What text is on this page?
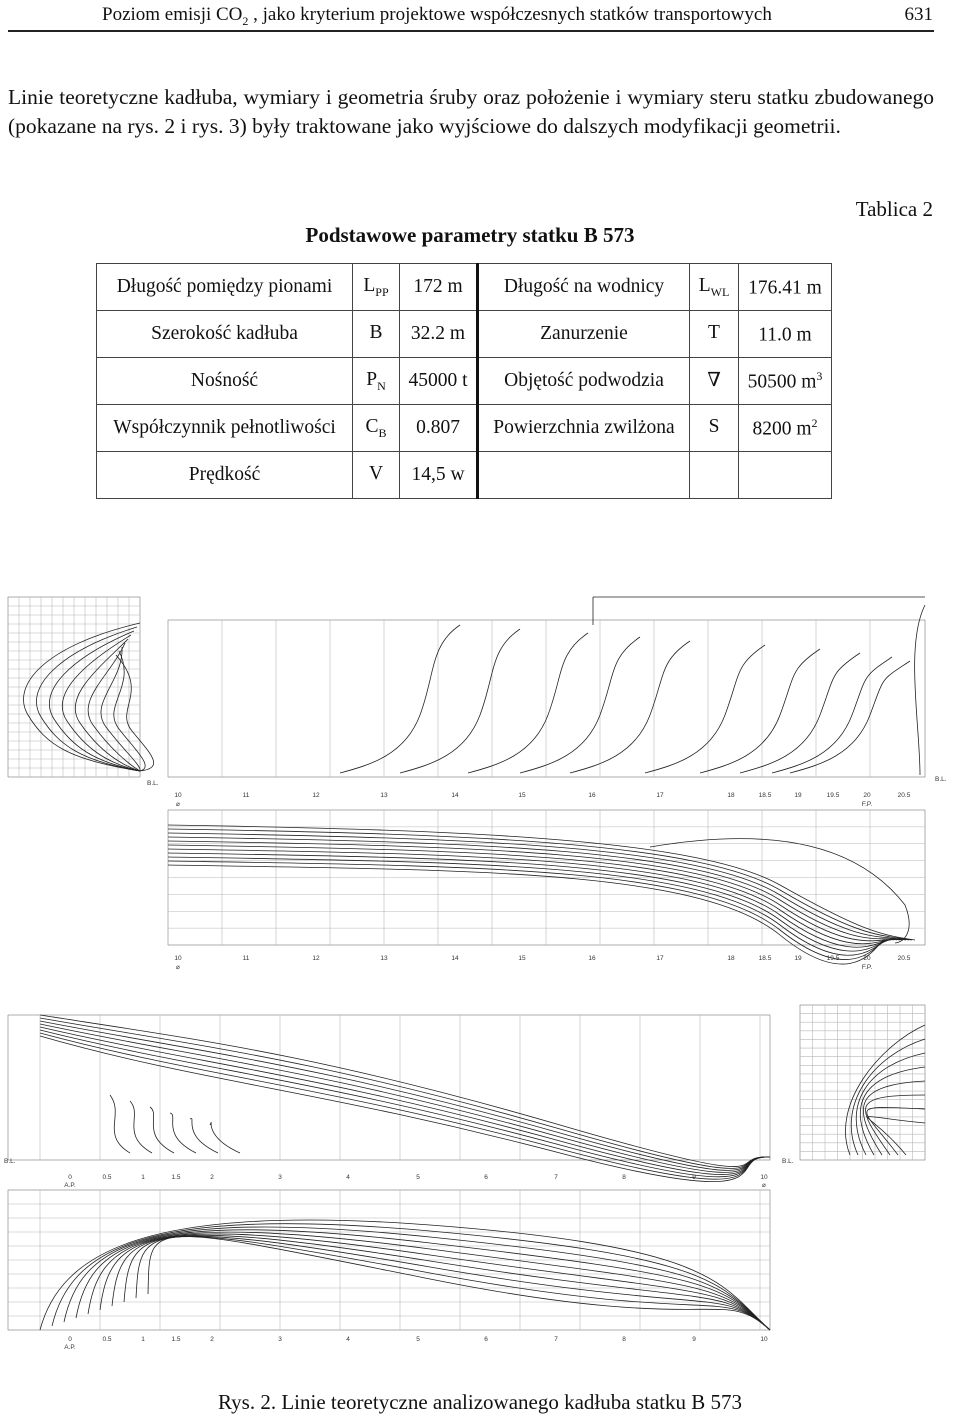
Poziom emisji $CO_2$ , jako kryterium projektowe współczesnych statków transportowych	631
Linie teoretyczne kadłuba, wymiary i geometria śruby oraz położenie i wymiary steru statku zbudowanego (pokazane na rys. 2 i rys. 3) były traktowane jako wyjściowe do dalszych modyfikacji geometrii.
Tablica 2
Podstawowe parametry statku B 573
Długość pomiędzy pionami	$L_{PP}$	172 m	Długość na wodnicy	$L_{WL}$	176.41 m
Szerokość kadłuba	B	32.2 m	Zanurzenie	T	11.0 m
Nośność	$P_N$	45000 t	Objętość podwodzia	∇	50500 $m^3$
Współczynnik pełnotliwości	$C_B$	0.807	Powierzchnia zwilżona	S	8200 $m^2$
Prędkość	V	14,5 w			
10
10
11
11
12
12
13
13
14
14
15
15
16
16
17
17
18
18
18.5
18.5
19
19
19.5
19.5
20
20
20.5
20.5
⌀
⌀
F.P.
F.P.
0
0
0.5
0.5
1
1
1.5
1.5
2
2
3
3
4
4
5
5
6
6
7
7
8
8
9
9
10
10
A.P.
A.P.
⌀
B.L.
B.L.
B.L.	B.L.
Rys. 2. Linie teoretyczne analizowanego kadłuba statku B 573
